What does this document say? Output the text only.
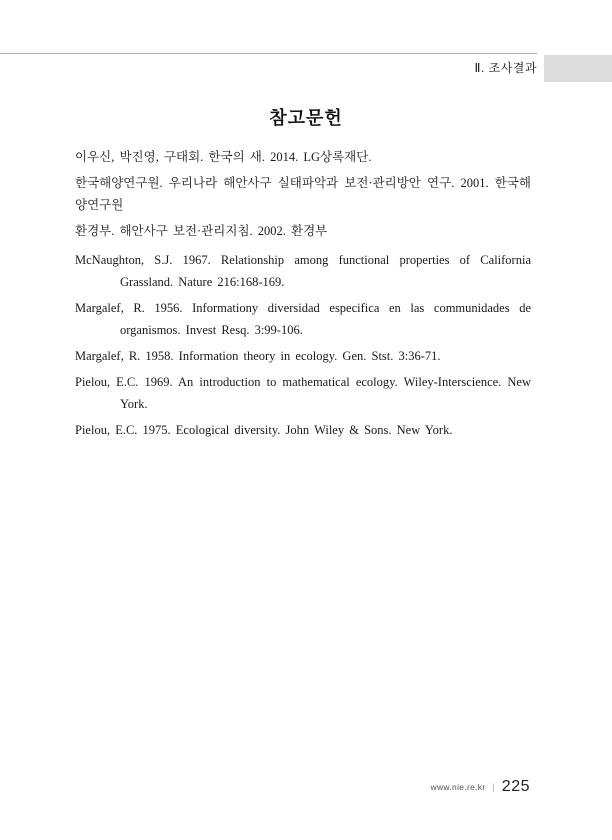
Ⅱ. 조사결과
참고문헌
이우신, 박진영, 구태회. 한국의 새. 2014. LG상록재단.
한국해양연구원. 우리나라 해안사구 실태파악과 보전·관리방안 연구. 2001. 한국해양연구원
환경부. 해안사구 보전·관리지침. 2002. 환경부
McNaughton, S.J. 1967. Relationship among functional properties of California Grassland. Nature 216:168-169.
Margalef, R. 1956. Informationy diversidad especifica en las communidades de organismos. Invest Resq. 3:99-106.
Margalef, R. 1958. Information theory in ecology. Gen. Stst. 3:36-71.
Pielou, E.C. 1969. An introduction to mathematical ecology. Wiley-Interscience. New York.
Pielou, E.C. 1975. Ecological diversity. John Wiley & Sons. New York.
www.nie.re.kr | 225
